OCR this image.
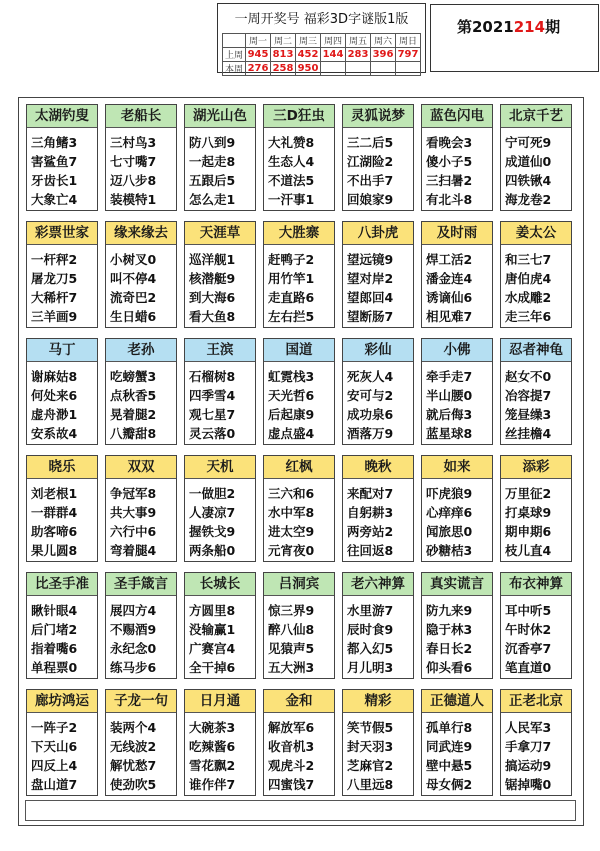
一周开奖号 福彩3D字谜版1版
	周一	周二	周三	周四	周五	周六	周日
上周	945	813	452	144	283	396	797
本周	276	258	950				
第2021214期
太湖钓叟
三角鳍3
害鲨鱼7
牙齿长1
大象亡4
老船长
三村鸟3
七寸嘴7
迈八步8
装模特1
湖光山色
防八到9
一起走8
五跟后5
怎么走1
三D狂虫
大礼赞8
生态人4
不道法5
一汗事1
灵狐说梦
三二后5
江湖险2
不出手7
回娘家9
蓝色闪电
看晚会3
傻小子5
三扫暑2
有北斗8
北京千艺
宁可死9
成道仙0
四铁锹4
海龙卷2
彩票世家
一杆秤2
屠龙刀5
大稀杆7
三羊画9
缘来缘去
小树叉0
叫不停4
流奇巴2
生日蜡6
天涯草
巡洋舰1
核潜艇9
到大海6
看大鱼8
大胜寨
赶鸭子2
用竹竿1
走直路6
左右拦5
八卦虎
望远镜9
望对岸2
望郎回4
望断肠7
及时雨
焊工活2
潘金连4
诱谪仙6
相见难7
姜太公
和三七7
唐伯虎4
水成雕2
走三年6
马丁
谢麻姑8
何处来6
虚舟渺1
安系故4
老孙
吃螃蟹3
点秋香5
晃着腿2
八瓣甜8
王滨
石榴树8
四季雪4
观七星7
灵云落0
国道
虹霓栈3
天光哲6
后起康9
虚点盛4
彩仙
死灰人4
安可与2
成功泉6
酒落万9
小佛
牵手走7
半山腰0
就后侮3
蓝星球8
忍者神龟
赵女不0
冶容提7
笼昼缲3
丝挂檐4
晓乐
刘老根1
一群群4
助客啼6
果儿圆8
双双
争冠军8
共大事9
六行中6
弯着腿4
天机
一做胆2
人凄凉7
握铁戈9
两条船0
红枫
三六和6
水中军8
进太空9
元宵夜0
晚秋
来配对7
自躬耕3
两旁站2
往回返8
如来
吓虎狼9
心痒痒6
闻旅思0
砂糖桔3
添彩
万里征2
打桌球9
期申期6
枝儿直4
比圣手准
瞅针眼4
后门堵2
指着嘴6
单程票0
圣手箴言
展四方4
不赐酒9
永纪念0
练马步6
长城长
方圆里8
没输赢1
广赛宫4
全干掉6
吕洞宾
惊三界9
醉八仙8
见猿声5
五大洲3
老六神算
水里游7
辰时食9
都入幻5
月儿明3
真实谎言
防九来9
隐于林3
春日长2
仰头看6
布衣神算
耳中听5
午时休2
沉香亭7
笔直道0
廊坊鸿运
一阵子2
下天山6
四反上4
盘山道7
子龙一句
装两个4
无线波2
解忧愁7
使劲吹5
日月通
大碗茶3
吃辣酱6
雪花飘2
谁作伴7
金和
解放军6
收音机3
观虎斗2
四蜜饯7
精彩
笑节假5
封天羽3
芝麻官2
八里远8
正德道人
孤单行8
同武连9
壁中悬5
母女俩2
正老北京
人民军3
手拿刀7
搞运动9
锯掉嘴0
